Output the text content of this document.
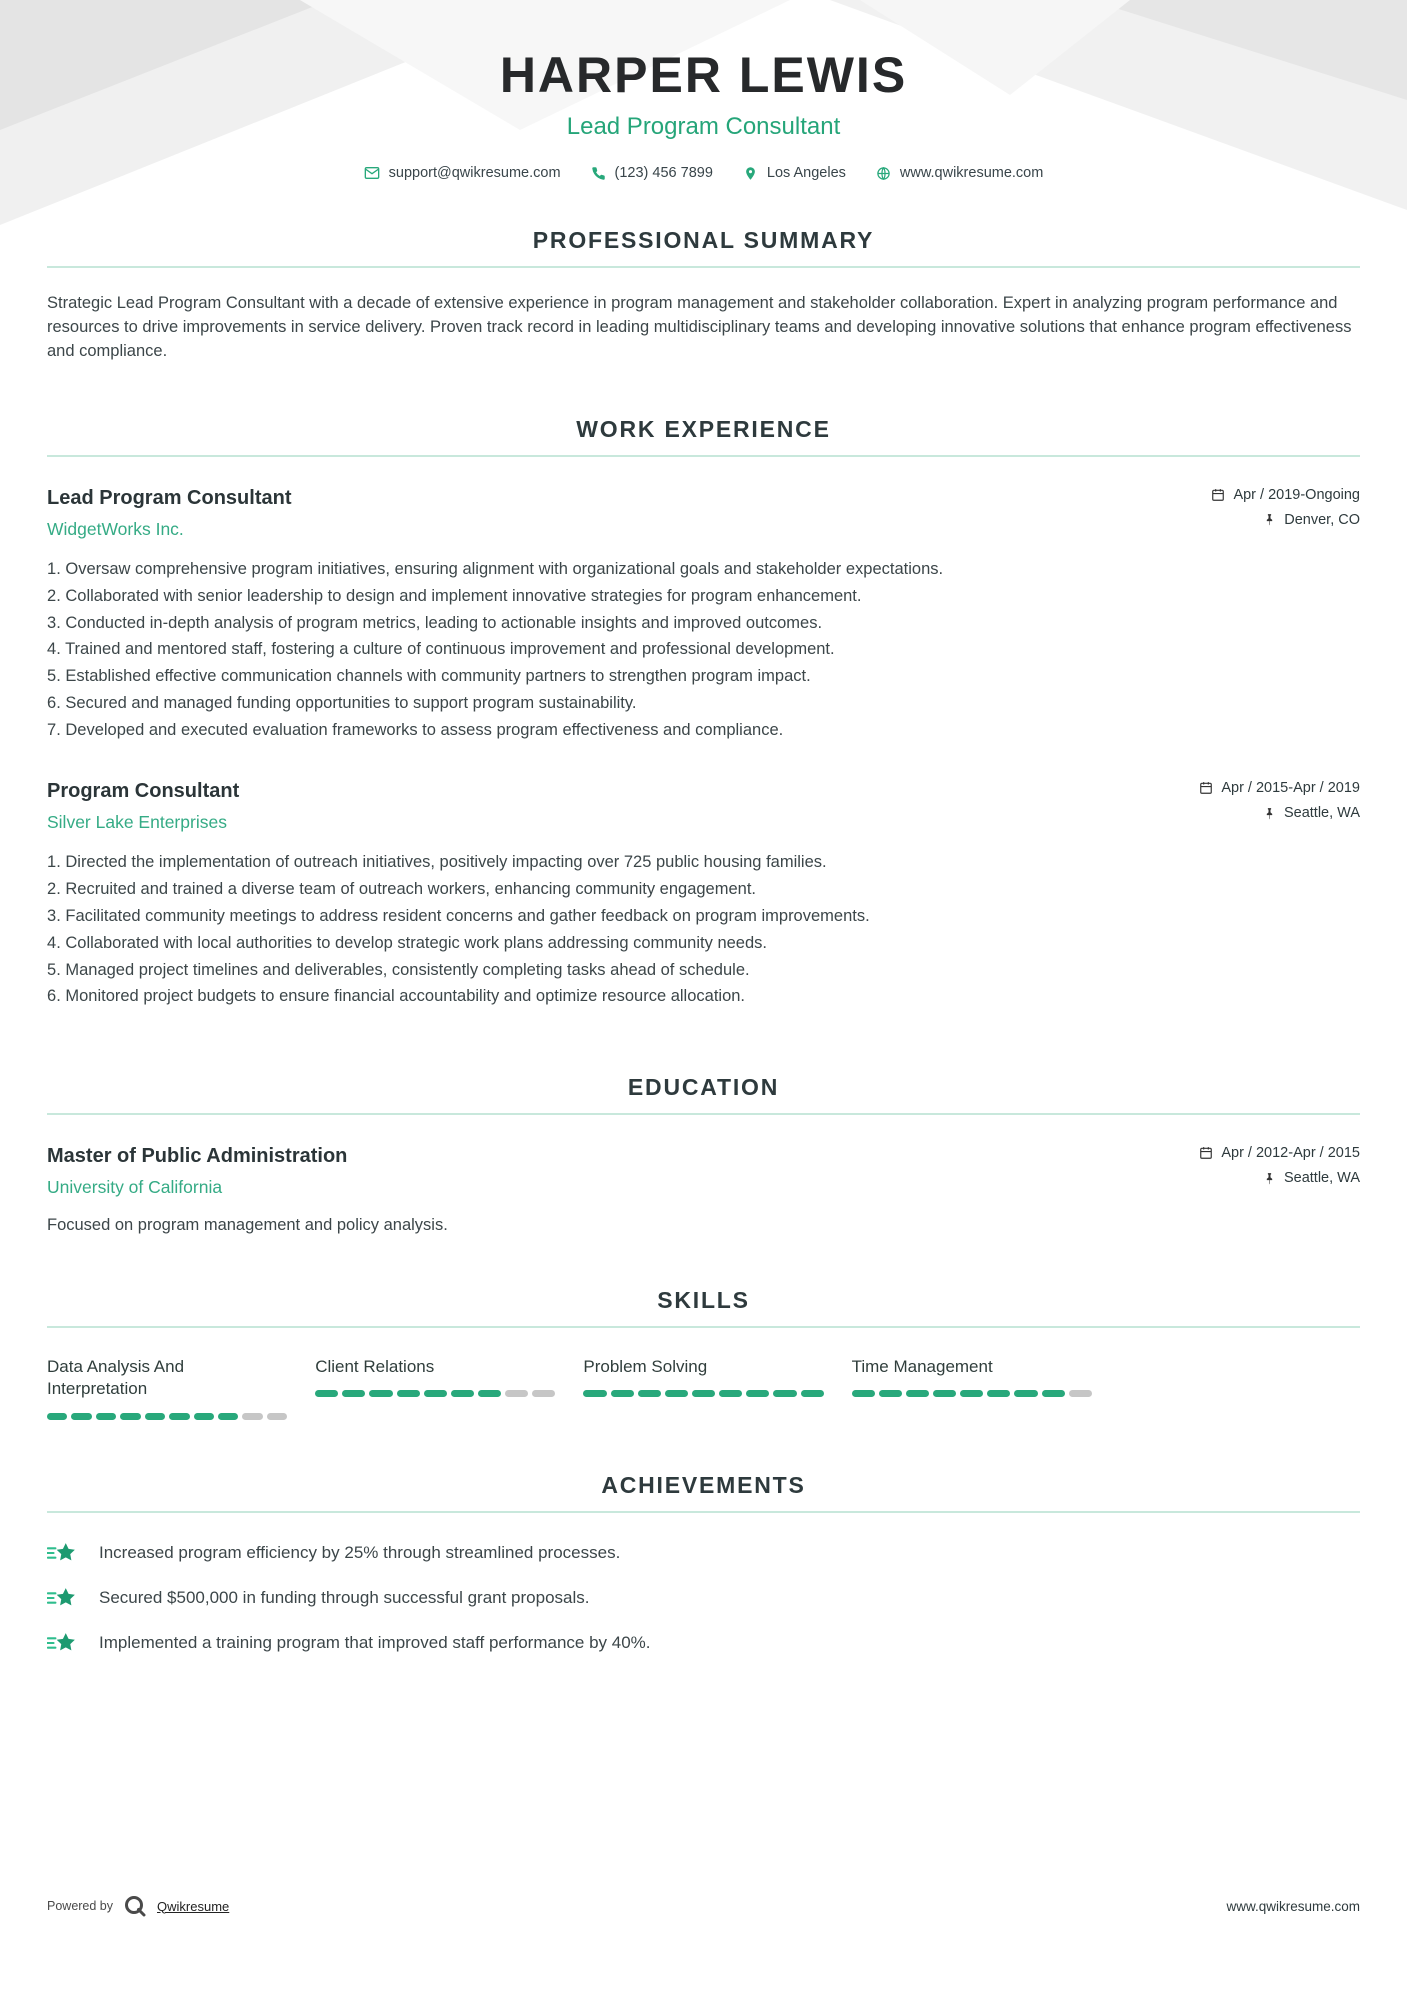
HARPER LEWIS
Lead Program Consultant
support@qwikresume.com	(123) 456 7899	Los Angeles	www.qwikresume.com
PROFESSIONAL SUMMARY

Strategic Lead Program Consultant with a decade of extensive experience in program management and stakeholder collaboration. Expert in analyzing program performance and resources to drive improvements in service delivery. Proven track record in leading multidisciplinary teams and developing innovative solutions that enhance program effectiveness and compliance.

WORK EXPERIENCE
Lead Program Consultant
WidgetWorks Inc.
Apr / 2019-Ongoing
Denver, CO
Oversaw comprehensive program initiatives, ensuring alignment with organizational goals and stakeholder expectations.
Collaborated with senior leadership to design and implement innovative strategies for program enhancement.
Conducted in-depth analysis of program metrics, leading to actionable insights and improved outcomes.
Trained and mentored staff, fostering a culture of continuous improvement and professional development.
Established effective communication channels with community partners to strengthen program impact.
Secured and managed funding opportunities to support program sustainability.
Developed and executed evaluation frameworks to assess program effectiveness and compliance.
Program Consultant
Silver Lake Enterprises
Apr / 2015-Apr / 2019
Seattle, WA
Directed the implementation of outreach initiatives, positively impacting over 725 public housing families.
Recruited and trained a diverse team of outreach workers, enhancing community engagement.
Facilitated community meetings to address resident concerns and gather feedback on program improvements.
Collaborated with local authorities to develop strategic work plans addressing community needs.
Managed project timelines and deliverables, consistently completing tasks ahead of schedule.
Monitored project budgets to ensure financial accountability and optimize resource allocation.
EDUCATION
Master of Public Administration
University of California
Apr / 2012-Apr / 2015
Seattle, WA

Focused on program management and policy analysis.

SKILLS
Data Analysis And Interpretation
Client Relations	Problem Solving	Time Management
ACHIEVEMENTS
Increased program efficiency by 25% through streamlined processes.
Secured $500,000 in funding through successful grant proposals.
Implemented a training program that improved staff performance by 40%.
Powered by	Qwikresume	www.qwikresume.com
